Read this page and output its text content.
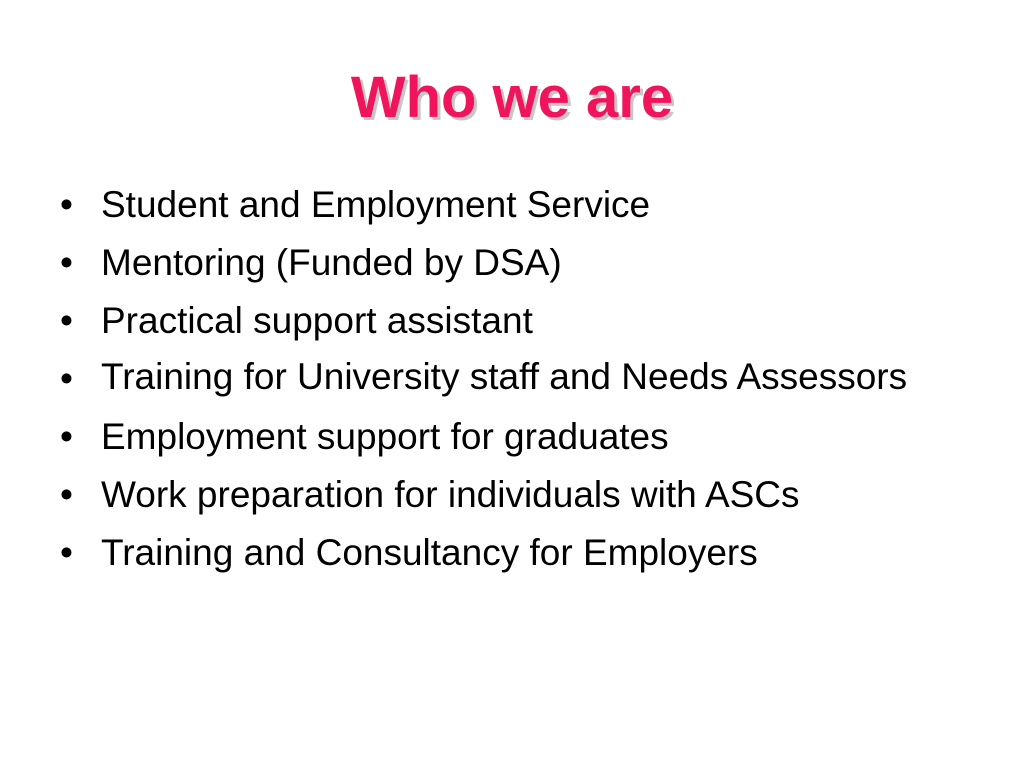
Who we are
• Student and Employment Service
• Mentoring (Funded by DSA)
• Practical support assistant
• Training for University staff and Needs Assessors
• Employment support for graduates
• Work preparation for individuals with ASCs
• Training and Consultancy for Employers
